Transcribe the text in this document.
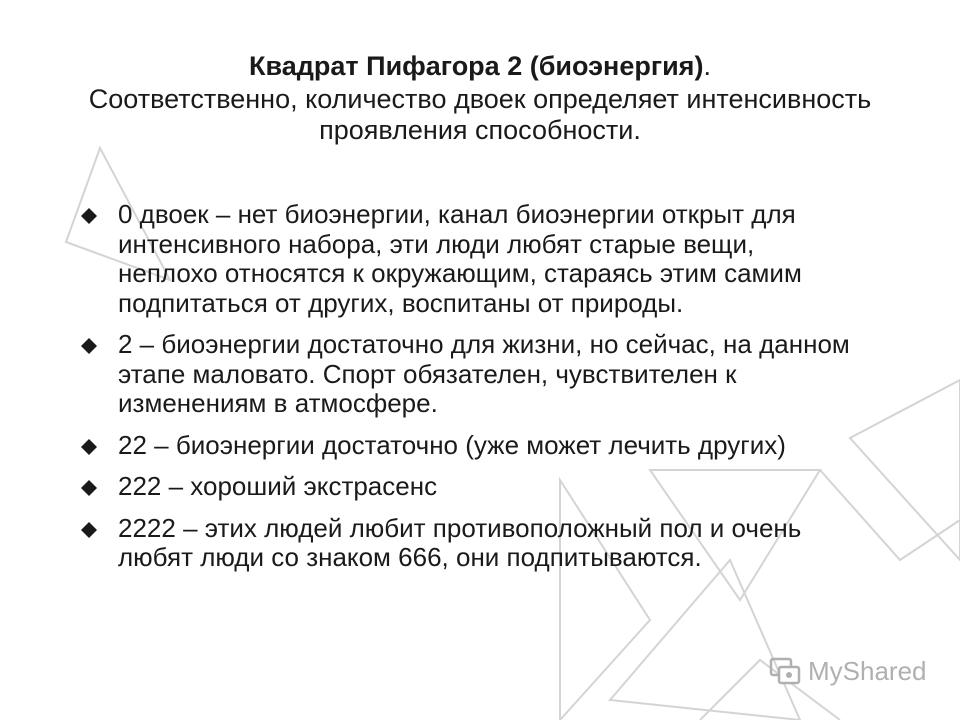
Квадрат Пифагора 2 (биоэнергия).

Соответственно, количество двоек определяет интенсивность проявления способности.

0 двоек – нет биоэнергии, канал биоэнергии открыт для интенсивного набора, эти люди любят старые вещи, неплохо относятся к окружающим, стараясь этим самим подпитаться от других, воспитаны от природы.
2 – биоэнергии достаточно для жизни, но сейчас, на данном этапе маловато. Спорт обязателен, чувствителен к изменениям в атмосфере.
22 – биоэнергии достаточно (уже может лечить других)
222 – хороший экстрасенс
2222 – этих людей любит противоположный пол и очень любят люди со знаком 666, они подпитываются.
MyShared
